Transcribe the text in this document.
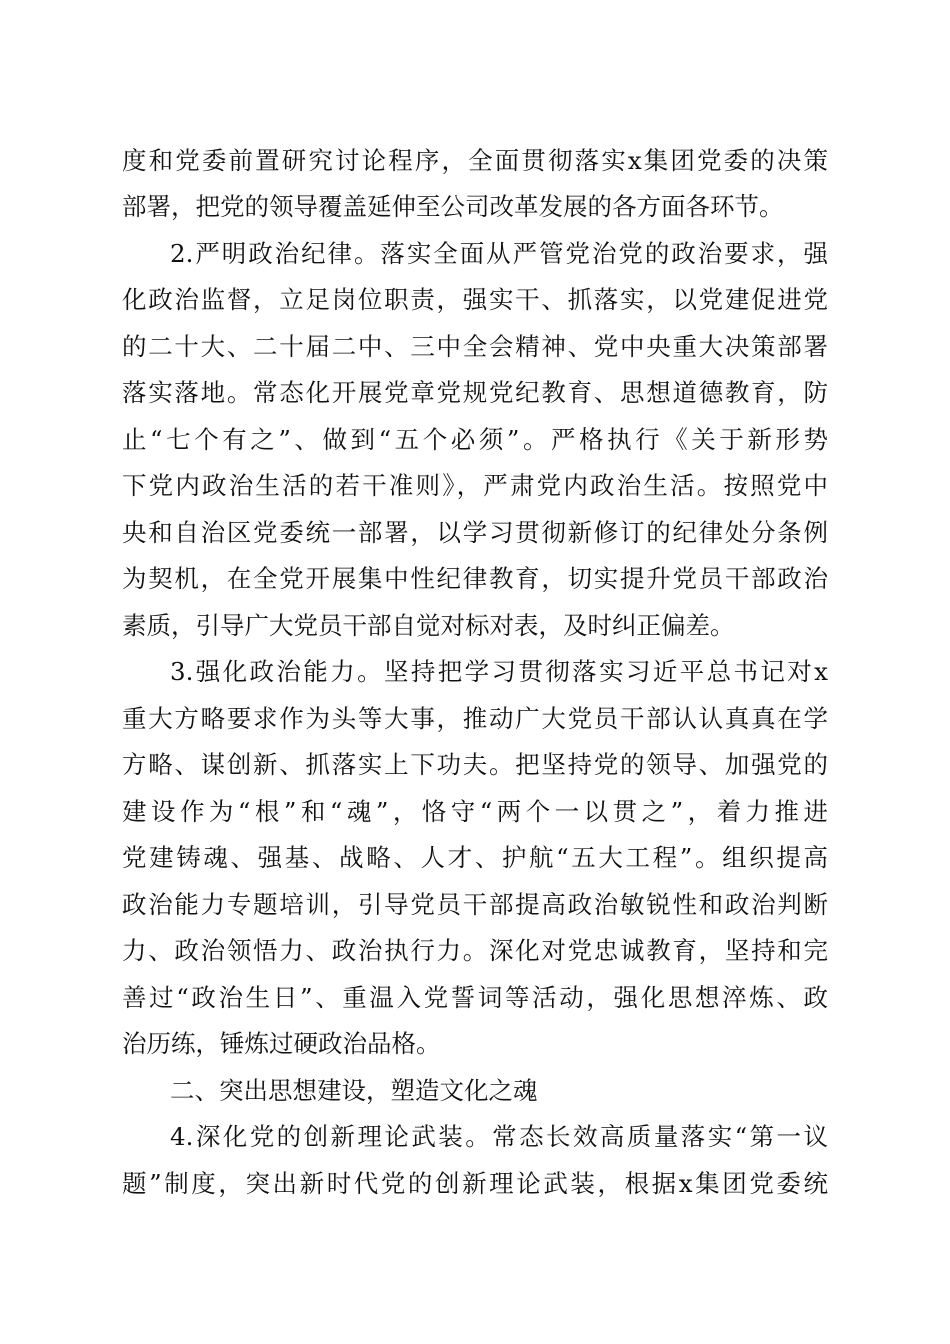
度和党委前置研究讨论程序，全面贯彻落实x集团党委的决策
部署，把党的领导覆盖延伸至公司改革发展的各方面各环节。
2.严明政治纪律。落实全面从严管党治党的政治要求，强
化政治监督，立足岗位职责，强实干、抓落实，以党建促进党
的二十大、二十届二中、三中全会精神、党中央重大决策部署
落实落地。常态化开展党章党规党纪教育、思想道德教育，防
止“七个有之”、做到“五个必须”。严格执行《关于新形势
下党内政治生活的若干准则》，严肃党内政治生活。按照党中
央和自治区党委统一部署，以学习贯彻新修订的纪律处分条例
为契机，在全党开展集中性纪律教育，切实提升党员干部政治
素质，引导广大党员干部自觉对标对表，及时纠正偏差。
3.强化政治能力。坚持把学习贯彻落实习近平总书记对x
重大方略要求作为头等大事，推动广大党员干部认认真真在学
方略、谋创新、抓落实上下功夫。把坚持党的领导、加强党的
建设作为“根”和“魂”，恪守“两个一以贯之”，着力推进
党建铸魂、强基、战略、人才、护航“五大工程”。组织提高
政治能力专题培训，引导党员干部提高政治敏锐性和政治判断
力、政治领悟力、政治执行力。深化对党忠诚教育，坚持和完
善过“政治生日”、重温入党誓词等活动，强化思想淬炼、政
治历练，锤炼过硬政治品格。
二、突出思想建设，塑造文化之魂
4.深化党的创新理论武装。常态长效高质量落实“第一议
题”制度，突出新时代党的创新理论武装，根据x集团党委统
